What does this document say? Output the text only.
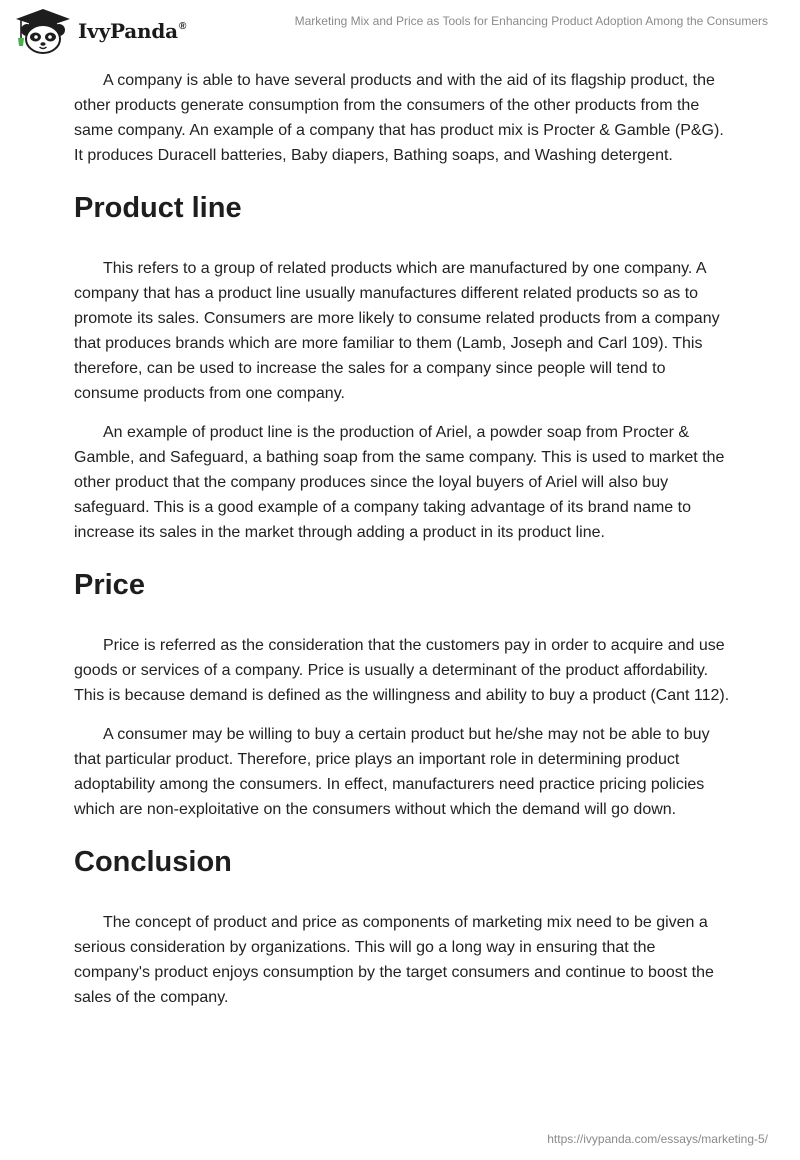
IvyPanda®	Marketing Mix and Price as Tools for Enhancing Product Adoption Among the Consumers

A company is able to have several products and with the aid of its flagship product, the other products generate consumption from the consumers of the other products from the same company. An example of a company that has product mix is Procter & Gamble (P&G). It produces Duracell batteries, Baby diapers, Bathing soaps, and Washing detergent.

Product line

This refers to a group of related products which are manufactured by one company. A company that has a product line usually manufactures different related products so as to promote its sales. Consumers are more likely to consume related products from a company that produces brands which are more familiar to them (Lamb, Joseph and Carl 109). This therefore, can be used to increase the sales for a company since people will tend to consume products from one company.

An example of product line is the production of Ariel, a powder soap from Procter & Gamble, and Safeguard, a bathing soap from the same company. This is used to market the other product that the company produces since the loyal buyers of Ariel will also buy safeguard. This is a good example of a company taking advantage of its brand name to increase its sales in the market through adding a product in its product line.

Price

Price is referred as the consideration that the customers pay in order to acquire and use goods or services of a company. Price is usually a determinant of the product affordability. This is because demand is defined as the willingness and ability to buy a product (Cant 112).

A consumer may be willing to buy a certain product but he/she may not be able to buy that particular product. Therefore, price plays an important role in determining product adoptability among the consumers. In effect, manufacturers need practice pricing policies which are non-exploitative on the consumers without which the demand will go down.

Conclusion

The concept of product and price as components of marketing mix need to be given a serious consideration by organizations. This will go a long way in ensuring that the company's product enjoys consumption by the target consumers and continue to boost the sales of the company.

https://ivypanda.com/essays/marketing-5/
